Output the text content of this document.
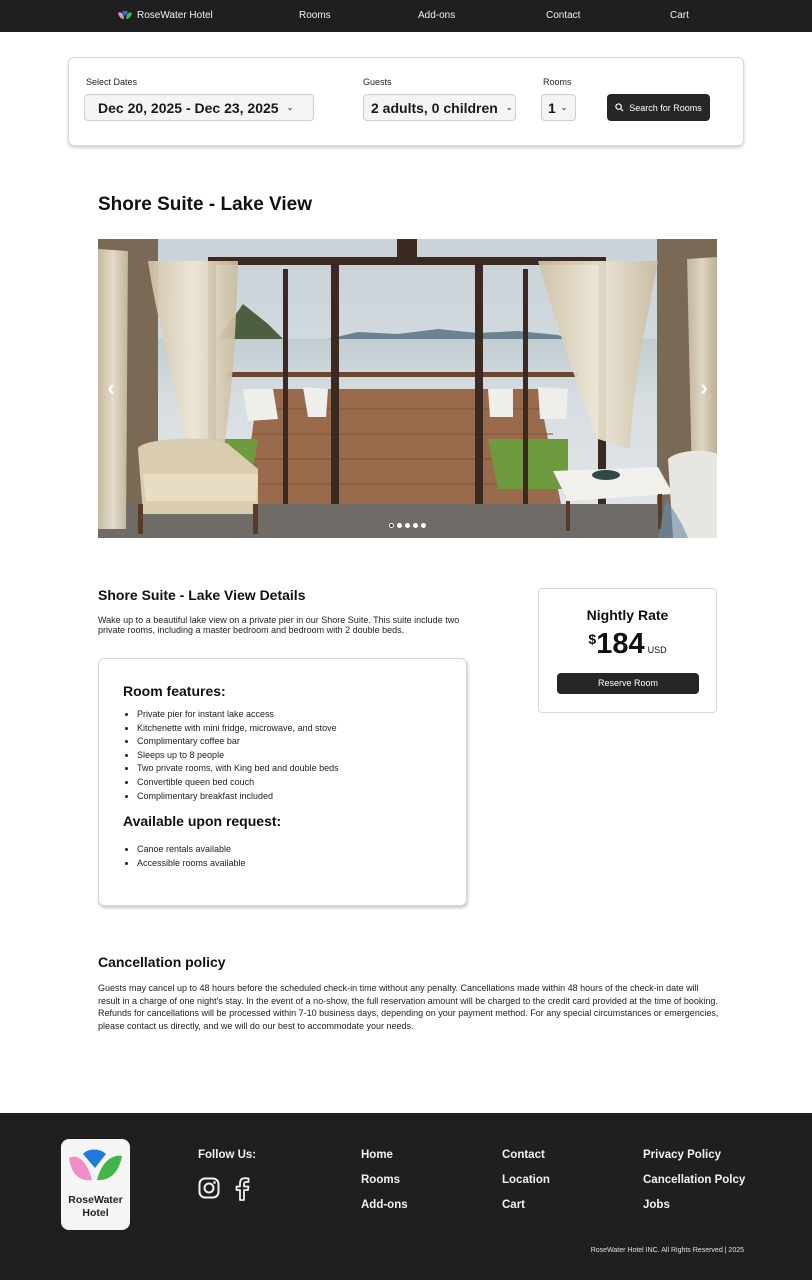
RoseWater Hotel	Rooms	Add-ons	Contact	Cart
Select Dates
Dec 20, 2025 - Dec 23, 2025 ⌄
Guests
2 adults, 0 children ⌄
Rooms
1 ⌄	Search for Rooms
Shore Suite - Lake View
‹	›
Shore Suite - Lake View Details
Wake up to a beautiful lake view on a private pier in our Shore Suite. This suite include two private rooms, including a master bedroom and bedroom with 2 double beds.
Room features:
• Private pier for instant lake access
• Kitchenette with mini fridge, microwave, and stove
• Complimentary coffee bar
• Sleeps up to 8 people
• Two private rooms, with King bed and double beds
• Convertible queen bed couch
• Complimentary breakfast included
Available upon request:
• Canoe rentals available
• Accessible rooms available
Nightly Rate
$ 184 USD
Reserve Room
Cancellation policy
Guests may cancel up to 48 hours before the scheduled check-in time without any penalty. Cancellations made within 48 hours of the check-in date will result in a charge of one night's stay. In the event of a no-show, the full reservation amount will be charged to the credit card provided at the time of booking. Refunds for cancellations will be processed within 7-10 business days, depending on your payment method. For any special circumstances or emergencies, please contact us directly, and we will do our best to accommodate your needs.
RoseWater
Hotel
Follow Us:	Home
Rooms
Add-ons
Contact
Location
Cart
Privacy Policy
Cancellation Polcy
Jobs
RoseWater Hotel INC. All Rights Reserved | 2025
